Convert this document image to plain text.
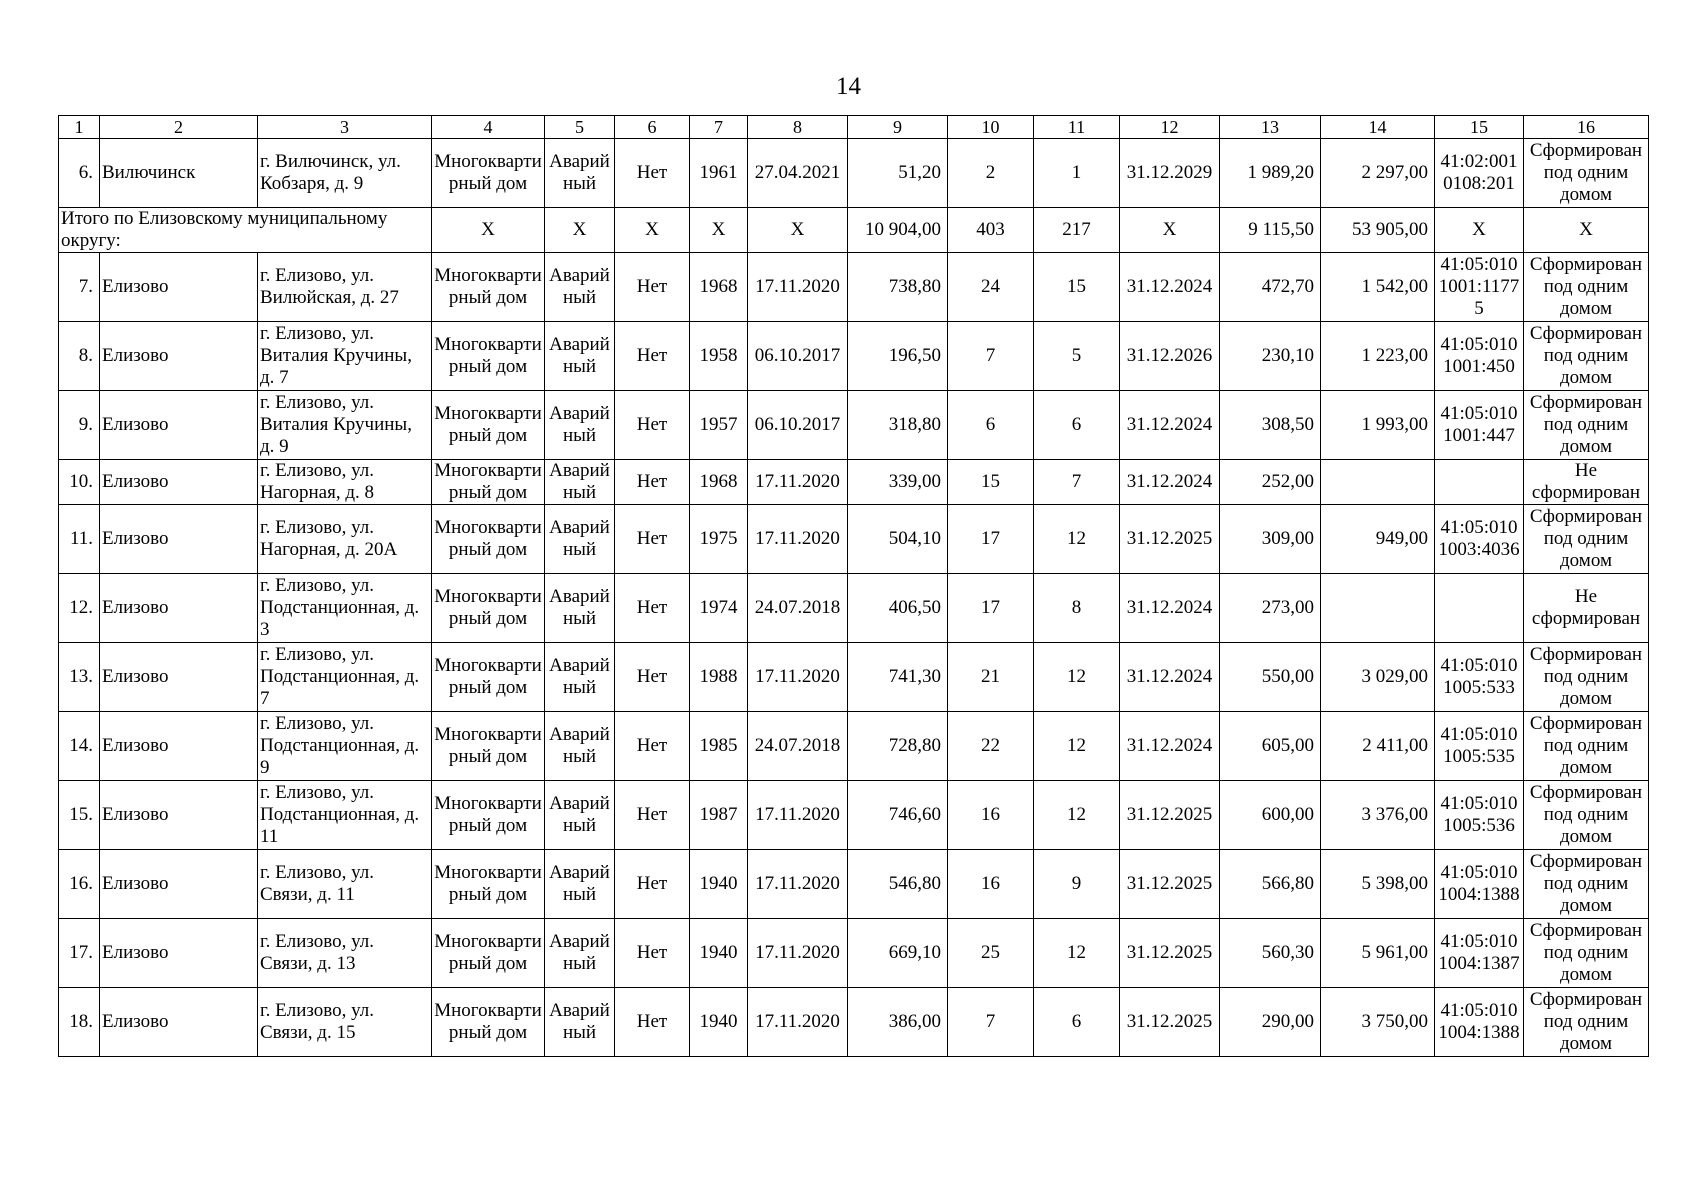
14
1	2	3	4	5	6	7	8	9	10	11	12	13	14	15	16
6.	Вилючинск	г. Вилючинск, ул. Кобзаря, д. 9	Многоквартирный дом	Аварийный	Нет	1961	27.04.2021	51,20	2	1	31.12.2029	1 989,20	2 297,00	41:02:0010108:201	Сформирован под одним домом
Итого по Елизовскому муниципальному округу:			Х	Х	Х	Х	Х	10 904,00	403	217	Х	9 115,50	53 905,00	Х	Х
7.	Елизово	г. Елизово, ул. Вилюйская, д. 27	Многоквартирный дом	Аварийный	Нет	1968	17.11.2020	738,80	24	15	31.12.2024	472,70	1 542,00	41:05:0101001:11775	Сформирован под одним домом
8.	Елизово	г. Елизово, ул. Виталия Кручины, д. 7	Многоквартирный дом	Аварийный	Нет	1958	06.10.2017	196,50	7	5	31.12.2026	230,10	1 223,00	41:05:0101001:450	Сформирован под одним домом
9.	Елизово	г. Елизово, ул. Виталия Кручины, д. 9	Многоквартирный дом	Аварийный	Нет	1957	06.10.2017	318,80	6	6	31.12.2024	308,50	1 993,00	41:05:0101001:447	Сформирован под одним домом
10.	Елизово	г. Елизово, ул. Нагорная, д. 8	Многоквартирный дом	Аварийный	Нет	1968	17.11.2020	339,00	15	7	31.12.2024	252,00			Не сформирован
11.	Елизово	г. Елизово, ул. Нагорная, д. 20А	Многоквартирный дом	Аварийный	Нет	1975	17.11.2020	504,10	17	12	31.12.2025	309,00	949,00	41:05:0101003:4036	Сформирован под одним домом
12.	Елизово	г. Елизово, ул. Подстанционная, д. 3	Многоквартирный дом	Аварийный	Нет	1974	24.07.2018	406,50	17	8	31.12.2024	273,00			Не сформирован
13.	Елизово	г. Елизово, ул. Подстанционная, д. 7	Многоквартирный дом	Аварийный	Нет	1988	17.11.2020	741,30	21	12	31.12.2024	550,00	3 029,00	41:05:0101005:533	Сформирован под одним домом
14.	Елизово	г. Елизово, ул. Подстанционная, д. 9	Многоквартирный дом	Аварийный	Нет	1985	24.07.2018	728,80	22	12	31.12.2024	605,00	2 411,00	41:05:0101005:535	Сформирован под одним домом
15.	Елизово	г. Елизово, ул. Подстанционная, д. 11	Многоквартирный дом	Аварийный	Нет	1987	17.11.2020	746,60	16	12	31.12.2025	600,00	3 376,00	41:05:0101005:536	Сформирован под одним домом
16.	Елизово	г. Елизово, ул. Связи, д. 11	Многоквартирный дом	Аварийный	Нет	1940	17.11.2020	546,80	16	9	31.12.2025	566,80	5 398,00	41:05:0101004:1388	Сформирован под одним домом
17.	Елизово	г. Елизово, ул. Связи, д. 13	Многоквартирный дом	Аварийный	Нет	1940	17.11.2020	669,10	25	12	31.12.2025	560,30	5 961,00	41:05:0101004:1387	Сформирован под одним домом
18.	Елизово	г. Елизово, ул. Связи, д. 15	Многоквартирный дом	Аварийный	Нет	1940	17.11.2020	386,00	7	6	31.12.2025	290,00	3 750,00	41:05:0101004:1388	Сформирован под одним домом
